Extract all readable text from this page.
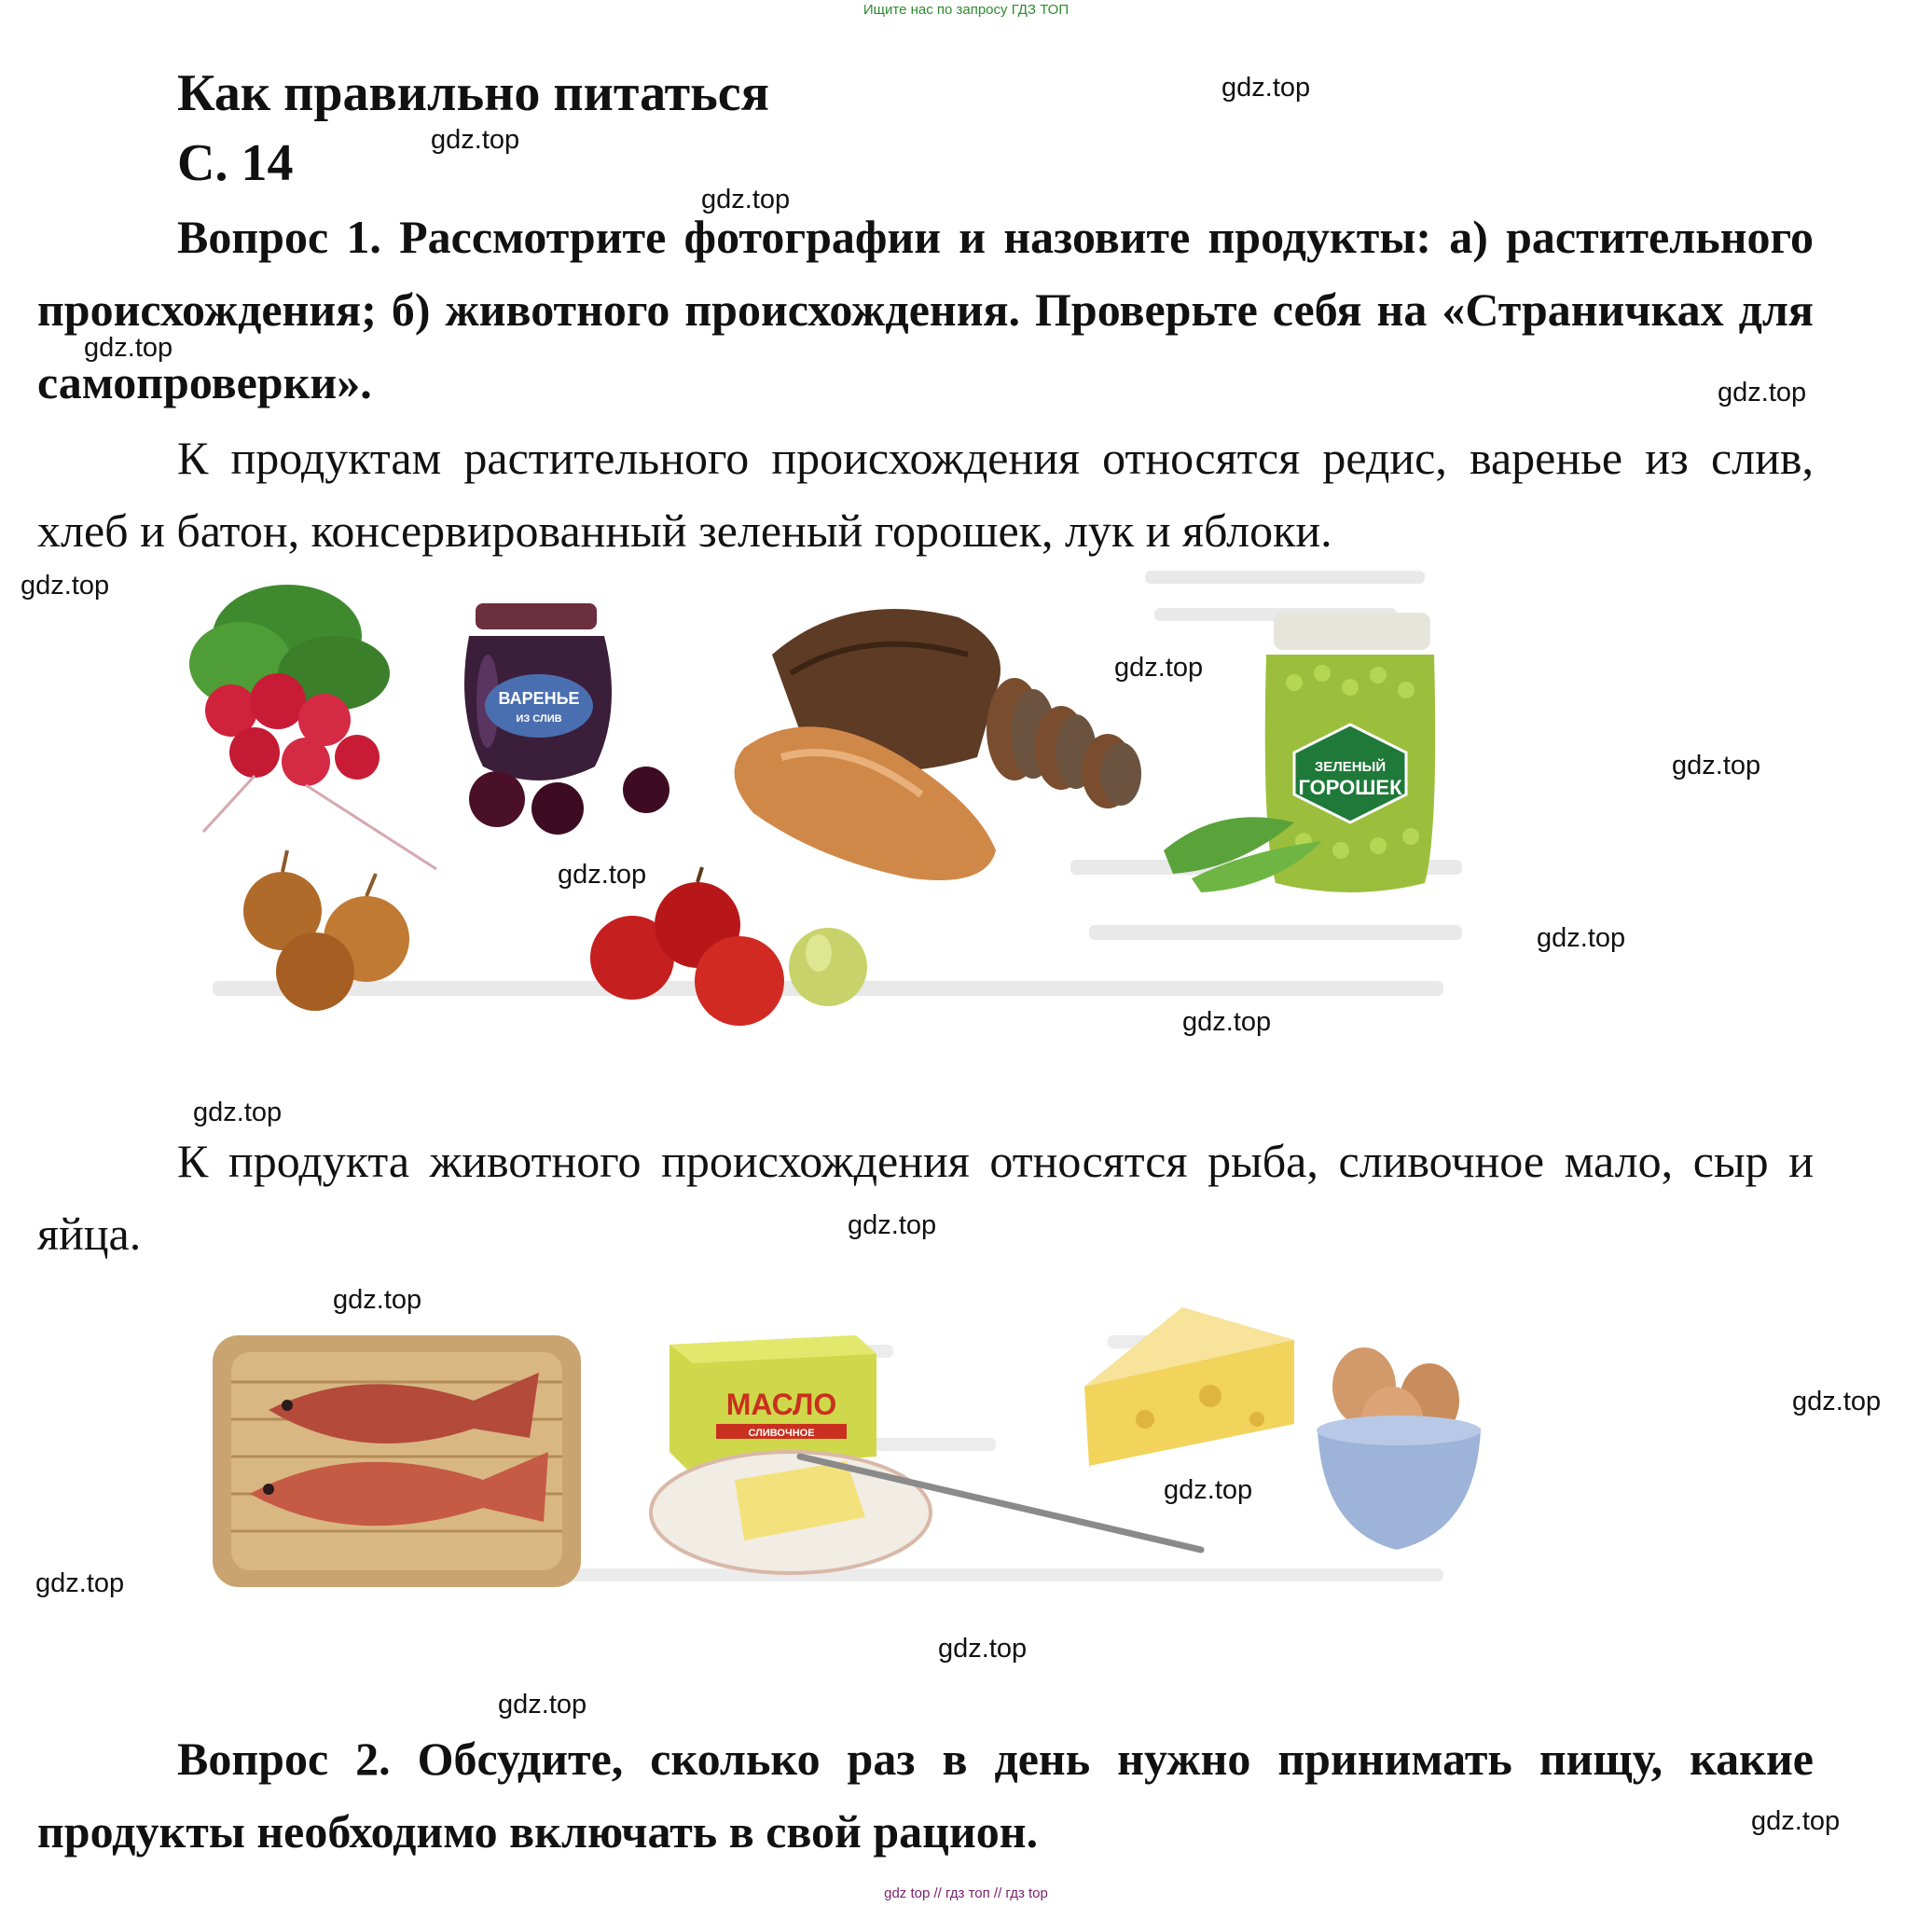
Ищите нас по запросу ГДЗ ТОП
Как правильно питаться
С. 14
Вопрос 1. Рассмотрите фотографии и назовите продукты: а) растительного происхождения; б) животного происхождения. Проверьте себя на «Страничках для самопроверки».
К продуктам растительного происхождения относятся редис, варенье из слив, хлеб и батон, консервированный зеленый горошек, лук и яблоки.
ВАРЕНЬЕ
ИЗ СЛИВ
ЗЕЛЕНЫЙ
ГОРОШЕК
К продукта животного происхождения относятся рыба, сливочное мало, сыр и яйца.
МАСЛО
СЛИВОЧНОЕ
Вопрос 2. Обсудите, сколько раз в день нужно принимать пищу, какие продукты необходимо включать в свой рацион.
gdz.top
gdz.top
gdz.top
gdz.top
gdz.top
gdz.top
gdz.top
gdz.top
gdz.top
gdz.top
gdz.top
gdz.top
gdz.top
gdz.top
gdz.top
gdz.top
gdz.top
gdz.top
gdz.top
gdz.top
gdz top // гдз топ // гдз top
